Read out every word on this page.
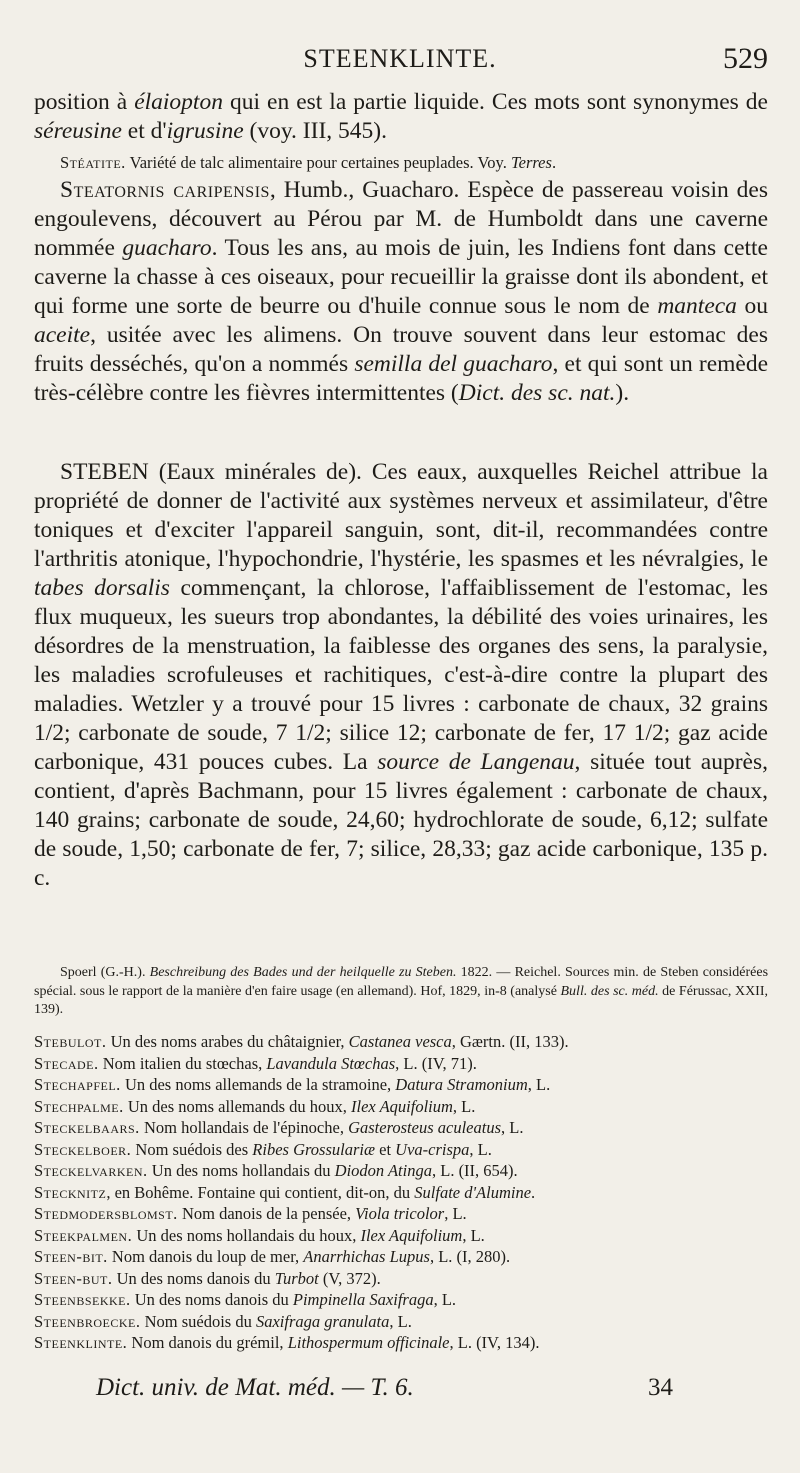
STEENKLINTE.	529
position à élaiopton qui en est la partie liquide. Ces mots sont synonymes de séreusine et d'igrusine (voy. III, 545).
Stéatite. Variété de talc alimentaire pour certaines peuplades. Voy. Terres.
Steatornis caripensis, Humb., Guacharo. Espèce de passereau voisin des engoulevens, découvert au Pérou par M. de Humboldt dans une caverne nommée guacharo. Tous les ans, au mois de juin, les Indiens font dans cette caverne la chasse à ces oiseaux, pour recueillir la graisse dont ils abondent, et qui forme une sorte de beurre ou d'huile connue sous le nom de manteca ou aceite, usitée avec les alimens. On trouve souvent dans leur estomac des fruits desséchés, qu'on a nommés semilla del guacharo, et qui sont un remède très-célèbre contre les fièvres intermittentes (Dict. des sc. nat.).
STEBEN (Eaux minérales de). Ces eaux, auxquelles Reichel attribue la propriété de donner de l'activité aux systèmes nerveux et assimilateur, d'être toniques et d'exciter l'appareil sanguin, sont, dit-il, recommandées contre l'arthritis atonique, l'hypochondrie, l'hystérie, les spasmes et les névralgies, le tabes dorsalis commençant, la chlorose, l'affaiblissement de l'estomac, les flux muqueux, les sueurs trop abondantes, la débilité des voies urinaires, les désordres de la menstruation, la faiblesse des organes des sens, la paralysie, les maladies scrofuleuses et rachitiques, c'est-à-dire contre la plupart des maladies. Wetzler y a trouvé pour 15 livres : carbonate de chaux, 32 grains 1/2; carbonate de soude, 7 1/2; silice 12; carbonate de fer, 17 1/2; gaz acide carbonique, 431 pouces cubes. La source de Langenau, située tout auprès, contient, d'après Bachmann, pour 15 livres également : carbonate de chaux, 140 grains; carbonate de soude, 24,60; hydrochlorate de soude, 6,12; sulfate de soude, 1,50; carbonate de fer, 7; silice, 28,33; gaz acide carbonique, 135 p. c.
Spoerl (G.-H.). Beschreibung des Bades und der heilquelle zu Steben. 1822. — Reichel. Sources min. de Steben considérées spécial. sous le rapport de la manière d'en faire usage (en allemand). Hof, 1829, in-8 (analysé Bull. des sc. méd. de Férussac, XXII, 139).
Stebulot. Un des noms arabes du châtaignier, Castanea vesca, Gærtn. (II, 133).
Stecade. Nom italien du stœchas, Lavandula Stœchas, L. (IV, 71).
Stechapfel. Un des noms allemands de la stramoine, Datura Stramonium, L.
Stechpalme. Un des noms allemands du houx, Ilex Aquifolium, L.
Steckelbaars. Nom hollandais de l'épinoche, Gasterosteus aculeatus, L.
Steckelboer. Nom suédois des Ribes Grossulariæ et Uva-crispa, L.
Steckelvarken. Un des noms hollandais du Diodon Atinga, L. (II, 654).
Stecknitz, en Bohême. Fontaine qui contient, dit-on, du Sulfate d'Alumine.
Stedmodersblomst. Nom danois de la pensée, Viola tricolor, L.
Steekpalmen. Un des noms hollandais du houx, Ilex Aquifolium, L.
Steen-bit. Nom danois du loup de mer, Anarrhichas Lupus, L. (I, 280).
Steen-but. Un des noms danois du Turbot (V, 372).
Steenbsekke. Un des noms danois du Pimpinella Saxifraga, L.
Steenbroecke. Nom suédois du Saxifraga granulata, L.
Steenklinte. Nom danois du grémil, Lithospermum officinale, L. (IV, 134).
Dict. univ. de Mat. méd. — T. 6.	34
